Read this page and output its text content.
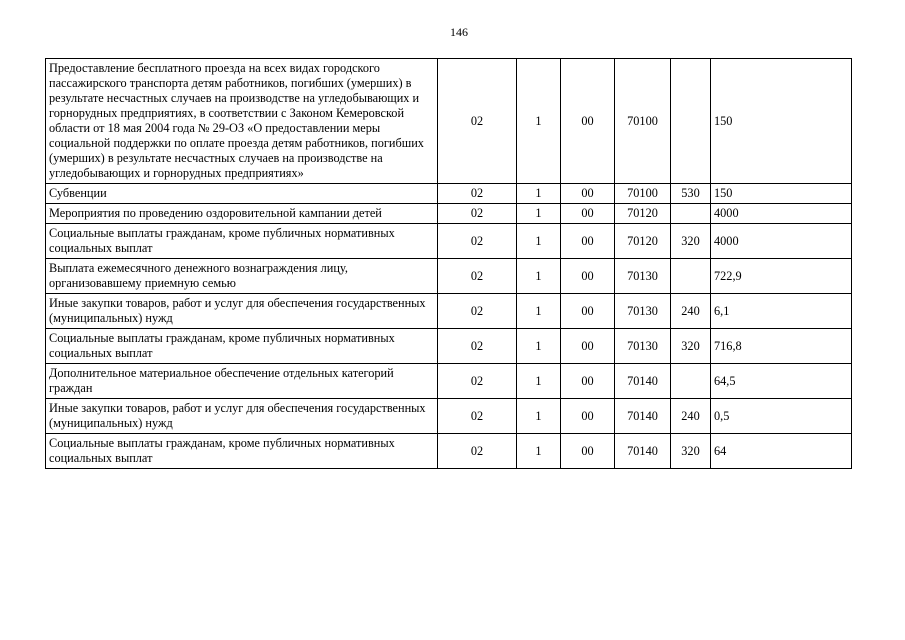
146
Предоставление бесплатного проезда на всех видах городского пассажирского транспорта детям работников, погибших (умерших) в результате несчастных случаев на производстве на угледобывающих и горнорудных предприятиях, в соответствии с Законом Кемеровской области от 18 мая 2004 года № 29-ОЗ «О предоставлении меры социальной поддержки по оплате проезда детям работников, погибших (умерших) в результате несчастных случаев на производстве на угледобывающих и горнорудных предприятиях»	02	1	00	70100		150
Субвенции	02	1	00	70100	530	150
Мероприятия по проведению оздоровительной кампании детей	02	1	00	70120		4000
Социальные выплаты гражданам, кроме публичных нормативных социальных выплат	02	1	00	70120	320	4000
Выплата ежемесячного денежного вознаграждения лицу, организовавшему приемную семью	02	1	00	70130		722,9
Иные закупки товаров, работ и услуг для обеспечения государственных (муниципальных) нужд	02	1	00	70130	240	6,1
Социальные выплаты гражданам, кроме публичных нормативных социальных выплат	02	1	00	70130	320	716,8
Дополнительное материальное обеспечение отдельных категорий граждан	02	1	00	70140		64,5
Иные закупки товаров, работ и услуг для обеспечения государственных (муниципальных) нужд	02	1	00	70140	240	0,5
Социальные выплаты гражданам, кроме публичных нормативных социальных выплат	02	1	00	70140	320	64
